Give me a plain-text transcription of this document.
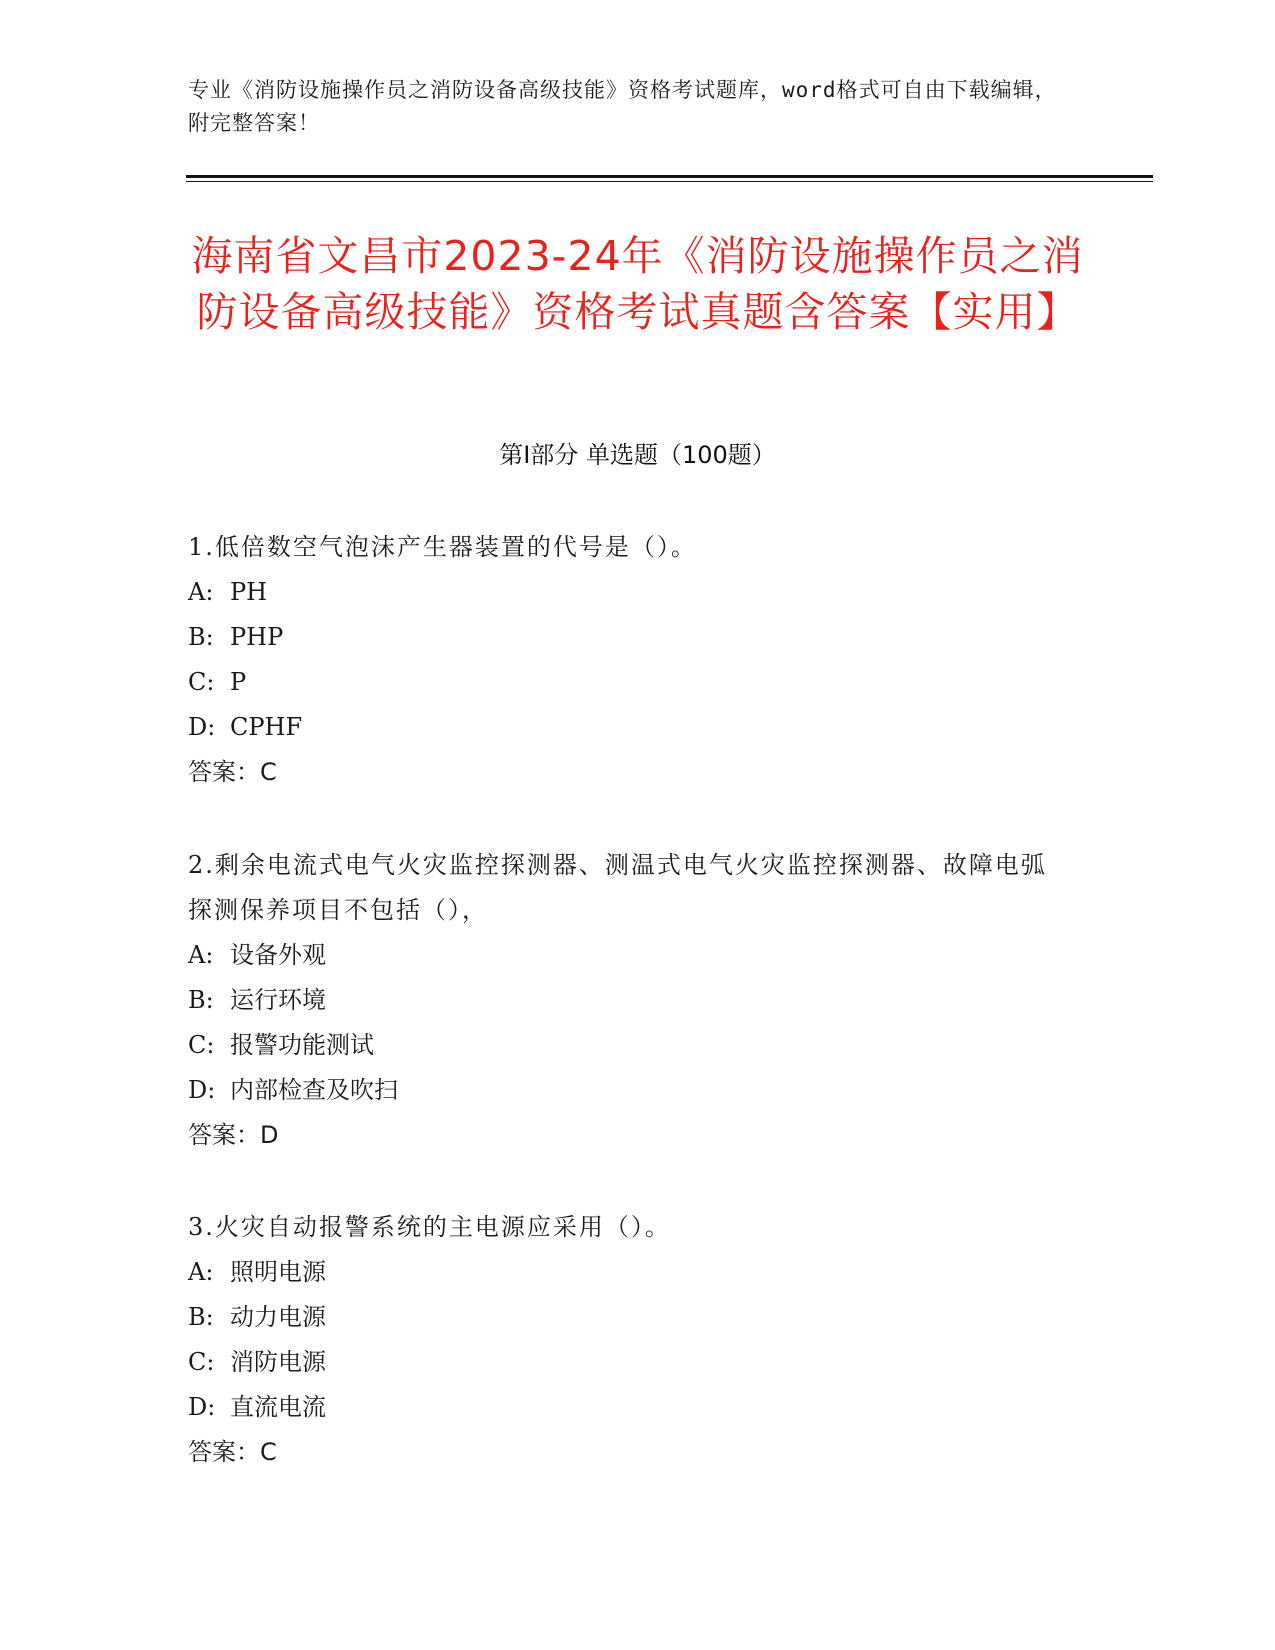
专业《消防设施操作员之消防设备高级技能》资格考试题库，word格式可自由下载编辑，附完整答案！
海南省文昌市2023-24年《消防设施操作员之消防设备高级技能》资格考试真题含答案【实用】
第I部分 单选题（100题）
1.低倍数空气泡沫产生器装置的代号是（）。
A: PH
B: PHP
C: P
D: CPHF
答案：C
2.剩余电流式电气火灾监控探测器、测温式电气火灾监控探测器、故障电弧探测保养项目不包括（），
A: 设备外观
B: 运行环境
C: 报警功能测试
D: 内部检查及吹扫
答案：D
3.火灾自动报警系统的主电源应采用（）。
A: 照明电源
B: 动力电源
C: 消防电源
D: 直流电流
答案：C
